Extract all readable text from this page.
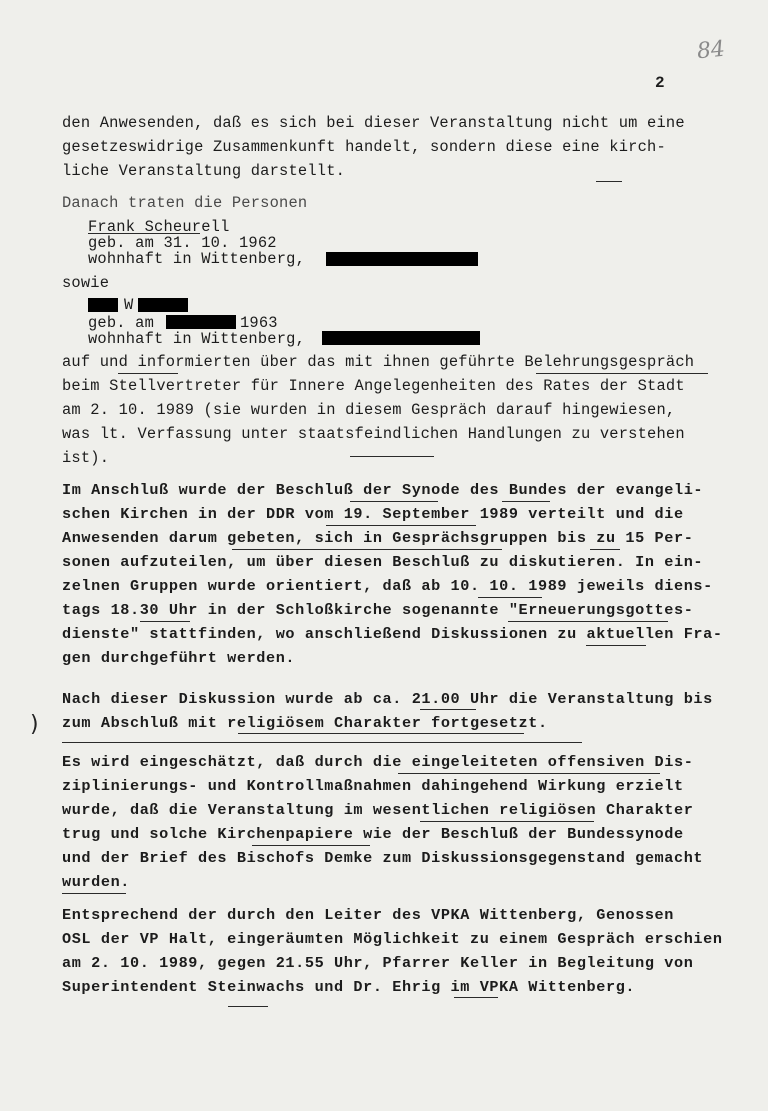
84
2
den Anwesenden, daß es sich bei dieser Veranstaltung nicht um eine
gesetzeswidrige Zusammenkunft handelt, sondern diese eine kirch-
liche Veranstaltung darstellt.
Danach traten die Personen
Frank Scheurell
geb. am 31. 10. 1962
wohnhaft in Wittenberg,
sowie
W
geb. am	1963
wohnhaft in Wittenberg,
auf und informierten über das mit ihnen geführte Belehrungsgespräch
beim Stellvertreter für Innere Angelegenheiten des Rates der Stadt
am 2. 10. 1989 (sie wurden in diesem Gespräch darauf hingewiesen,
was lt. Verfassung unter staatsfeindlichen Handlungen zu verstehen
ist).
Im Anschluß wurde der Beschluß der Synode des Bundes der evangeli-
schen Kirchen in der DDR vom 19. September 1989 verteilt und die
Anwesenden darum gebeten, sich in Gesprächsgruppen bis zu 15 Per-
sonen aufzuteilen, um über diesen Beschluß zu diskutieren. In ein-
zelnen Gruppen wurde orientiert, daß ab 10. 10. 1989 jeweils diens-
tags 18.30 Uhr in der Schloßkirche sogenannte "Erneuerungsgottes-
dienste" stattfinden, wo anschließend Diskussionen zu aktuellen Fra-
gen durchgeführt werden.
)
Nach dieser Diskussion wurde ab ca. 21.00 Uhr die Veranstaltung bis
zum Abschluß mit religiösem Charakter fortgesetzt.
Es wird eingeschätzt, daß durch die eingeleiteten offensiven Dis-
ziplinierungs- und Kontrollmaßnahmen dahingehend Wirkung erzielt
wurde, daß die Veranstaltung im wesentlichen religiösen Charakter
trug und solche Kirchenpapiere wie der Beschluß der Bundessynode
und der Brief des Bischofs Demke zum Diskussionsgegenstand gemacht
wurden.
Entsprechend der durch den Leiter des VPKA Wittenberg, Genossen
OSL der VP Halt, eingeräumten Möglichkeit zu einem Gespräch erschien
am 2. 10. 1989, gegen 21.55 Uhr, Pfarrer Keller in Begleitung von
Superintendent Steinwachs und Dr. Ehrig im VPKA Wittenberg.
